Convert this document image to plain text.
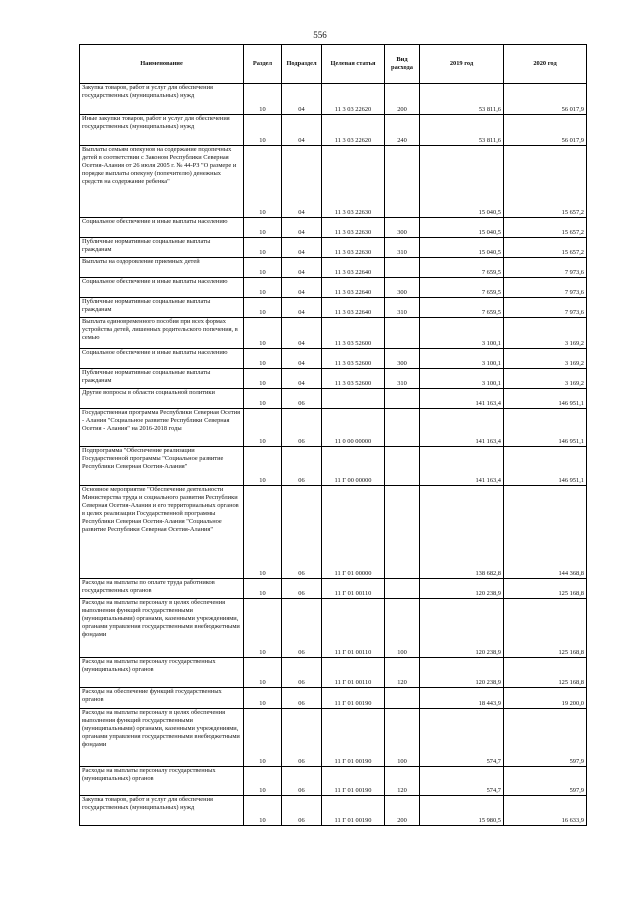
556
Наименование	Раздел	Подраздел	Целевая статья	Вид расхода	2019 год	2020 год
Закупка товаров, работ и услуг для обеспечения государственных (муниципальных) нужд	10	04	11 3 03 22620	200	53 811,6	56 017,9
Иные закупки товаров, работ и услуг для обеспечения государственных (муниципальных) нужд	10	04	11 3 03 22620	240	53 811,6	56 017,9
Выплаты семьям опекунов на содержание подопечных детей в соответствии с Законом Республики Северная Осетия-Алания от 26 июля 2005 г. № 44-РЗ "О размере и порядке выплаты опекуну (попечителю) денежных средств на содержание ребенка"	10	04	11 3 03 22630		15 040,5	15 657,2
Социальное обеспечение и иные выплаты населению	10	04	11 3 03 22630	300	15 040,5	15 657,2
Публичные нормативные социальные выплаты гражданам	10	04	11 3 03 22630	310	15 040,5	15 657,2
Выплаты на оздоровление приемных детей	10	04	11 3 03 22640		7 659,5	7 973,6
Социальное обеспечение и иные выплаты населению	10	04	11 3 03 22640	300	7 659,5	7 973,6
Публичные нормативные социальные выплаты гражданам	10	04	11 3 03 22640	310	7 659,5	7 973,6
Выплата единовременного пособия при всех формах устройства детей, лишенных родительского попечения, в семью	10	04	11 3 03 52600		3 100,1	3 169,2
Социальное обеспечение и иные выплаты населению	10	04	11 3 03 52600	300	3 100,1	3 169,2
Публичные нормативные социальные выплаты гражданам	10	04	11 3 03 52600	310	3 100,1	3 169,2
Другие вопросы в области социальной политики	10	06			141 163,4	146 951,1
Государственная программа Республики Северная Осетия - Алания "Социальное развитие Республики Северная Осетия - Алания" на 2016-2018 годы	10	06	11 0 00 00000		141 163,4	146 951,1
Подпрограмма "Обеспечение реализации Государственной программы "Социальное развитие Республики Северная Осетия-Алания"	10	06	11 Г 00 00000		141 163,4	146 951,1
Основное мероприятие "Обеспечение деятельности Министерства труда и социального развития Республики Северная Осетия-Алания и его территориальных органов в целях реализации Государственной программы Республики Северная Осетия-Алания "Социальное развитие Республики Северная Осетия-Алания"	10	06	11 Г 01 00000		138 682,8	144 368,8
Расходы на выплаты по оплате труда работников государственных органов	10	06	11 Г 01 00110		120 238,9	125 168,8
Расходы на выплаты персоналу в целях обеспечения выполнения функций государственными (муниципальными) органами, казенными учреждениями, органами управления государственными внебюджетными фондами	10	06	11 Г 01 00110	100	120 238,9	125 168,8
Расходы на выплаты персоналу государственных (муниципальных) органов	10	06	11 Г 01 00110	120	120 238,9	125 168,8
Расходы на обеспечение функций государственных органов	10	06	11 Г 01 00190		18 443,9	19 200,0
Расходы на выплаты персоналу в целях обеспечения выполнения функций государственными (муниципальными) органами, казенными учреждениями, органами управления государственными внебюджетными фондами	10	06	11 Г 01 00190	100	574,7	597,9
Расходы на выплаты персоналу государственных (муниципальных) органов	10	06	11 Г 01 00190	120	574,7	597,9
Закупка товаров, работ и услуг для обеспечения государственных (муниципальных) нужд	10	06	11 Г 01 00190	200	15 980,5	16 633,9
